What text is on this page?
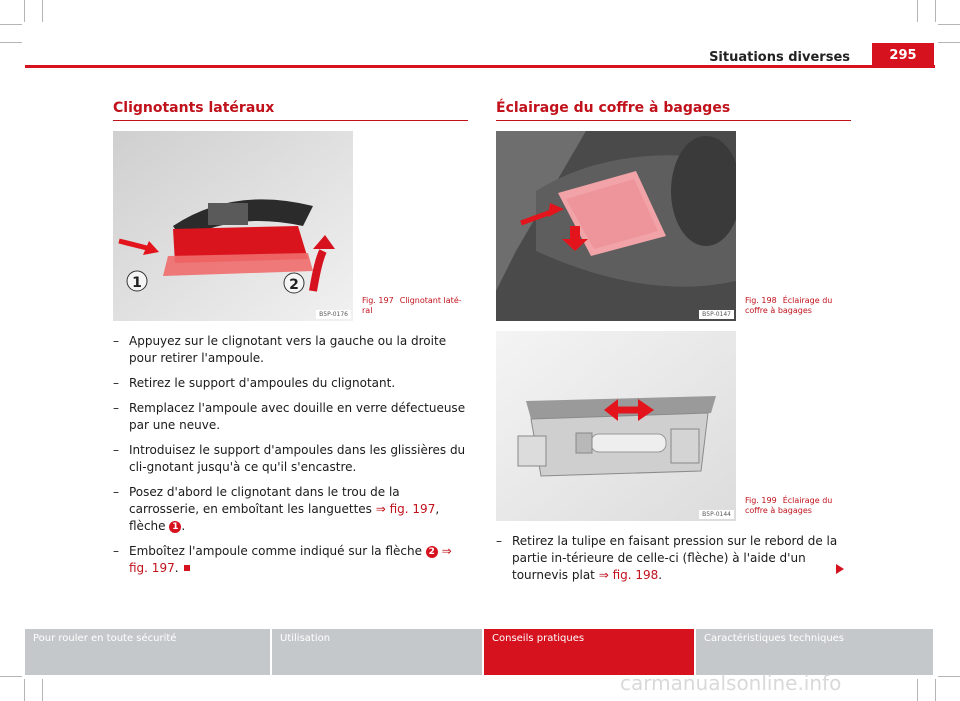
Situations diverses	295
Clignotants latéraux
1	2
B5P-0176
Fig. 197 Clignotant laté-ral
– Appuyez sur le clignotant vers la gauche ou la droite pour retirer l'ampoule.
– Retirez le support d'ampoules du clignotant.
– Remplacez l'ampoule avec douille en verre défectueuse par une neuve.
– Introduisez le support d'ampoules dans les glissières du cli-gnotant jusqu'à ce qu'il s'encastre.
– Posez d'abord le clignotant dans le trou de la carrosserie, en emboîtant les languettes ⇒ fig. 197, flèche 1 .
– Emboîtez l'ampoule comme indiqué sur la flèche 2 ⇒ fig. 197.
Éclairage du coffre à bagages
B5P-0147
Fig. 198 Éclairage du coffre à bagages
B5P-0144
Fig. 199 Éclairage du coffre à bagages
– Retirez la tulipe en faisant pression sur le rebord de la partie in-térieure de celle-ci (flèche) à l'aide d'un tournevis plat ⇒ fig. 198.
Pour rouler en toute sécurité	Utilisation	Conseils pratiques	Caractéristiques techniques
carmanualsonline.info
